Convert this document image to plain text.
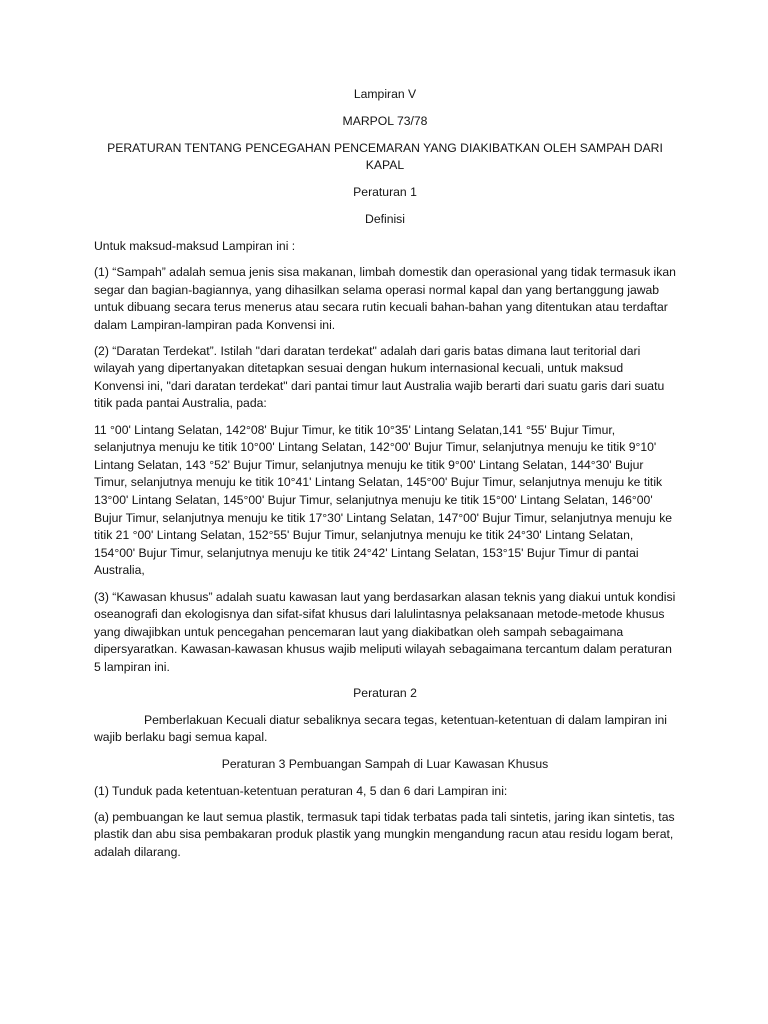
Lampiran V
MARPOL 73/78
PERATURAN TENTANG PENCEGAHAN PENCEMARAN YANG DIAKIBATKAN OLEH SAMPAH DARI KAPAL
Peraturan 1
Definisi
Untuk maksud-maksud Lampiran ini :
(1) “Sampah” adalah semua jenis sisa makanan, limbah domestik dan operasional yang tidak termasuk ikan segar dan bagian-bagiannya, yang dihasilkan selama operasi normal kapal dan yang bertanggung jawab untuk dibuang secara terus menerus atau secara rutin kecuali bahan-bahan yang ditentukan atau terdaftar dalam Lampiran-lampiran pada Konvensi ini.
(2) “Daratan Terdekat”. Istilah "dari daratan terdekat" adalah dari garis batas dimana laut teritorial dari wilayah yang dipertanyakan ditetapkan sesuai dengan hukum internasional kecuali, untuk maksud Konvensi ini, "dari daratan terdekat" dari pantai timur laut Australia wajib berarti dari suatu garis dari suatu titik pada pantai Australia, pada:
11 °00' Lintang Selatan, 142°08' Bujur Timur, ke titik 10°35' Lintang Selatan,141 °55' Bujur Timur, selanjutnya menuju ke titik 10°00' Lintang Selatan, 142°00' Bujur Timur, selanjutnya menuju ke titik 9°10' Lintang Selatan, 143 °52' Bujur Timur, selanjutnya menuju ke titik 9°00' Lintang Selatan, 144°30' Bujur Timur, selanjutnya menuju ke titik 10°41' Lintang Selatan, 145°00' Bujur Timur, selanjutnya menuju ke titik 13°00' Lintang Selatan, 145°00' Bujur Timur, selanjutnya menuju ke titik 15°00' Lintang Selatan, 146°00' Bujur Timur, selanjutnya menuju ke titik 17°30' Lintang Selatan, 147°00' Bujur Timur, selanjutnya menuju ke titik 21 °00' Lintang Selatan, 152°55' Bujur Timur, selanjutnya menuju ke titik 24°30' Lintang Selatan, 154°00' Bujur Timur, selanjutnya menuju ke titik 24°42' Lintang Selatan, 153°15' Bujur Timur di pantai Australia,
(3) “Kawasan khusus” adalah suatu kawasan laut yang berdasarkan alasan teknis yang diakui untuk kondisi oseanografi dan ekologisnya dan sifat-sifat khusus dari lalulintasnya pelaksanaan metode-metode khusus yang diwajibkan untuk pencegahan pencemaran laut yang diakibatkan oleh sampah sebagaimana dipersyaratkan. Kawasan-kawasan khusus wajib meliputi wilayah sebagaimana tercantum dalam peraturan 5 lampiran ini.
Peraturan 2
Pemberlakuan Kecuali diatur sebaliknya secara tegas, ketentuan-ketentuan di dalam lampiran ini wajib berlaku bagi semua kapal.
Peraturan 3 Pembuangan Sampah di Luar Kawasan Khusus
(1) Tunduk pada ketentuan-ketentuan peraturan 4, 5 dan 6 dari Lampiran ini:
(a) pembuangan ke laut semua plastik, termasuk tapi tidak terbatas pada tali sintetis, jaring ikan sintetis, tas plastik dan abu sisa pembakaran produk plastik yang mungkin mengandung racun atau residu logam berat, adalah dilarang.
